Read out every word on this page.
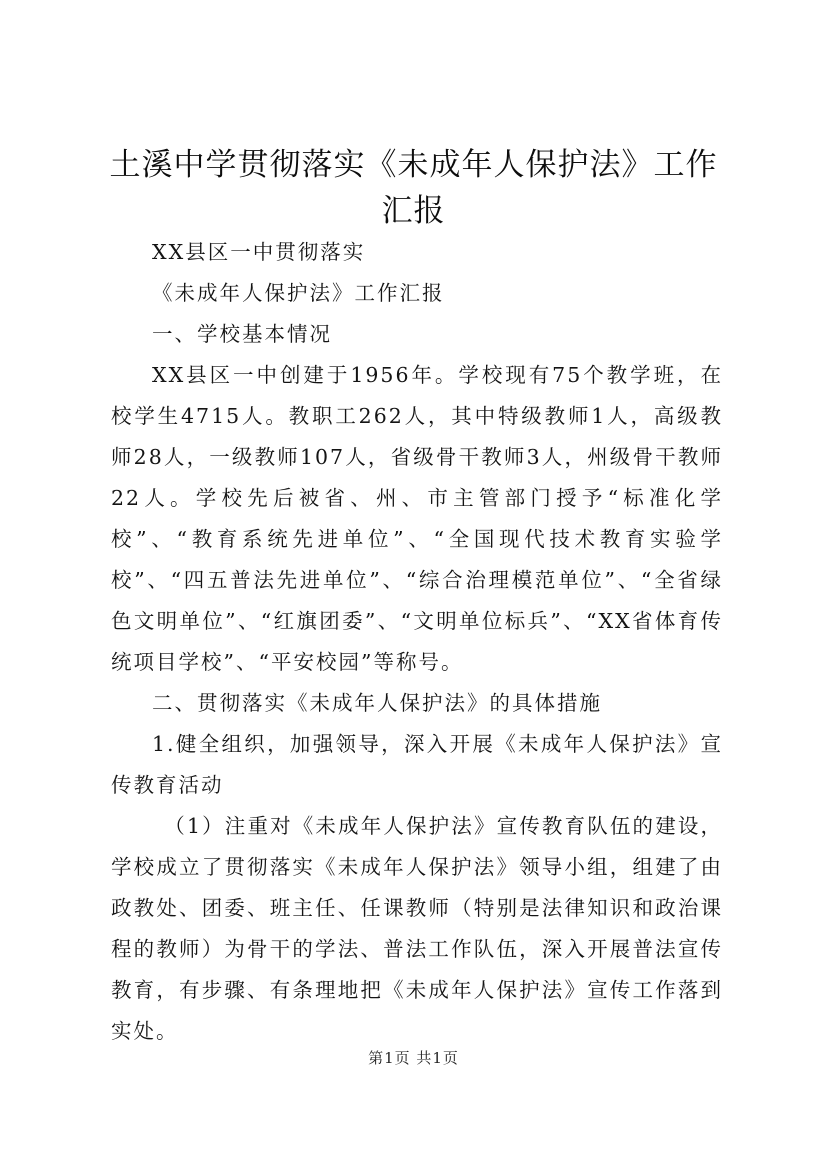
土溪中学贯彻落实《未成年人保护法》工作汇报

XX县区一中贯彻落实

《未成年人保护法》工作汇报

一、学校基本情况

XX县区一中创建于1956年。学校现有75个教学班，在校学生4715人。教职工262人，其中特级教师1人，高级教师28人，一级教师107人，省级骨干教师3人，州级骨干教师22人。学校先后被省、州、市主管部门授予“标准化学校”、“教育系统先进单位”、“全国现代技术教育实验学校”、“四五普法先进单位”、“综合治理模范单位”、“全省绿色文明单位”、“红旗团委”、“文明单位标兵”、“XX省体育传统项目学校”、“平安校园”等称号。

二、贯彻落实《未成年人保护法》的具体措施

1.健全组织，加强领导，深入开展《未成年人保护法》宣传教育活动

（1）注重对《未成年人保护法》宣传教育队伍的建设，学校成立了贯彻落实《未成年人保护法》领导小组，组建了由政教处、团委、班主任、任课教师（特别是法律知识和政治课程的教师）为骨干的学法、普法工作队伍，深入开展普法宣传教育，有步骤、有条理地把《未成年人保护法》宣传工作落到实处。

第1页 共1页
